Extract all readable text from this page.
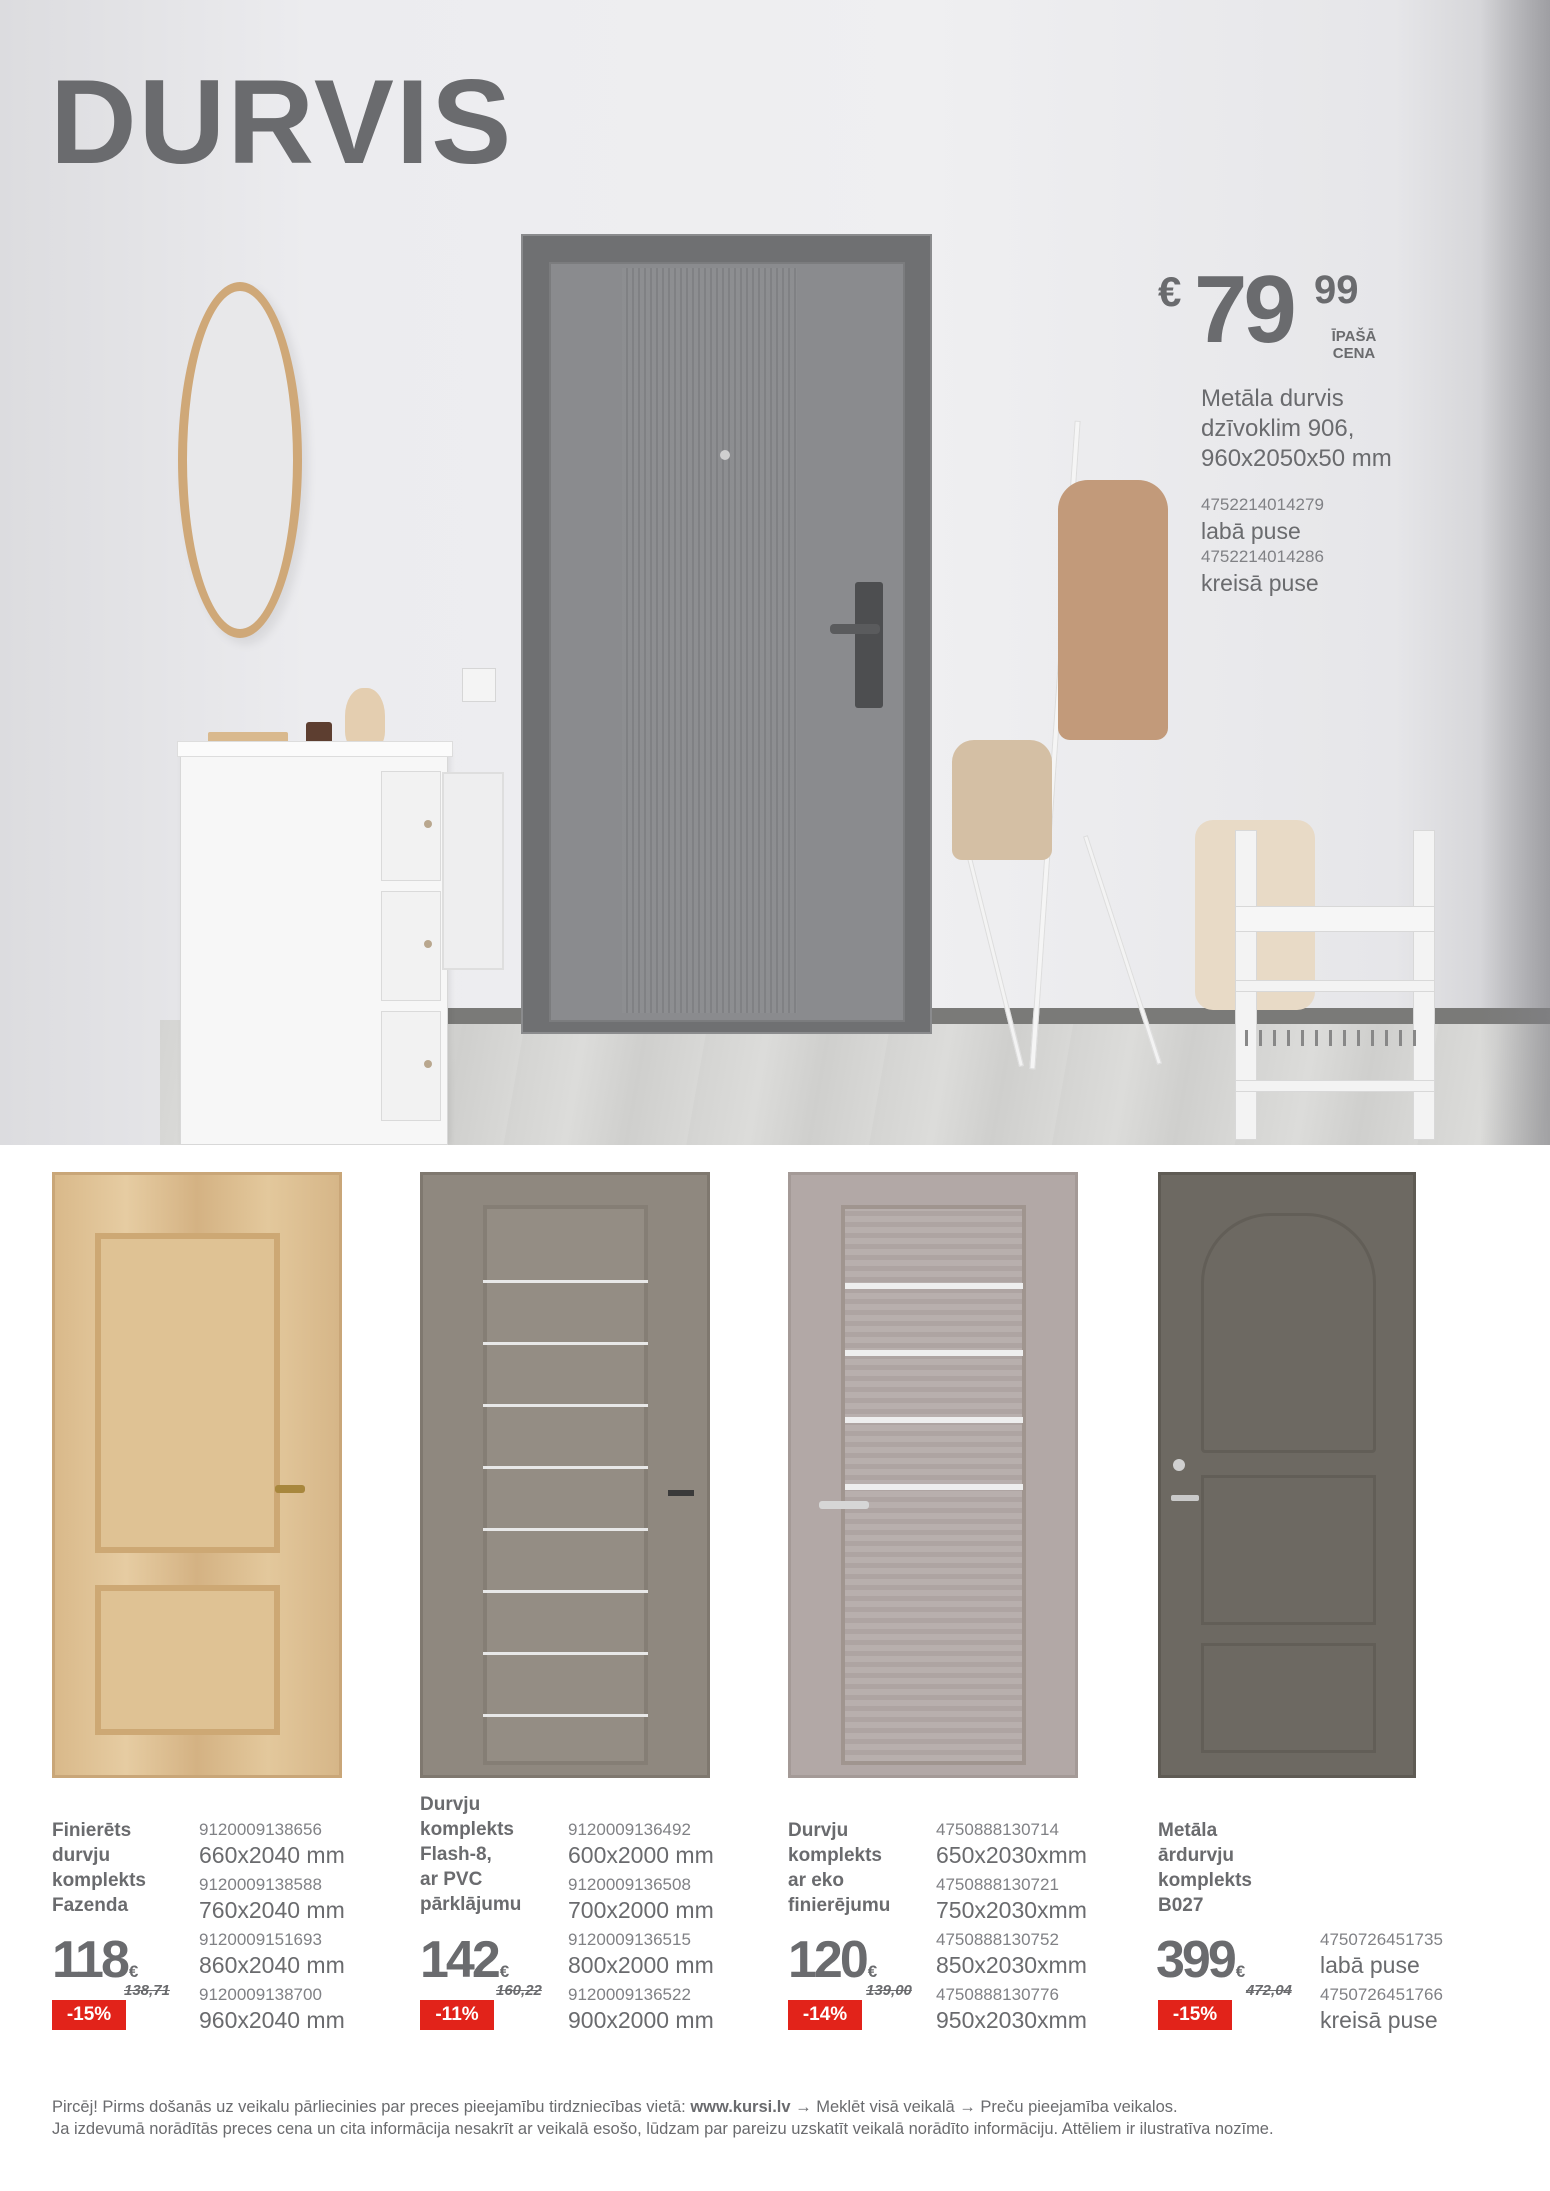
DURVIS
€ 79 99
ĪPAŠĀ
CENA
Metāla durvis
dzīvoklim 906,
960x2050x50 mm
4752214014279
labā puse
4752214014286
kreisā puse
Finierēts
durvju
komplekts
Fazenda
118 €
138,71
-15%
9120009138656
660x2040 mm
9120009138588
760x2040 mm
9120009151693
860x2040 mm
9120009138700
960x2040 mm
Durvju
komplekts
Flash-8,
ar PVC
pārklājumu
142 €
160,22
-11%
9120009136492
600x2000 mm
9120009136508
700x2000 mm
9120009136515
800x2000 mm
9120009136522
900x2000 mm
Durvju
komplekts
ar eko
finierējumu
120 €
139,00
-14%
4750888130714
650x2030xmm
4750888130721
750x2030xmm
4750888130752
850x2030xmm
4750888130776
950x2030xmm
Metāla
ārdurvju
komplekts
B027
399 €
472,04
-15%
4750726451735
labā puse
4750726451766
kreisā puse
Pircēj! Pirms došanās uz veikalu pārliecinies par preces pieejamību tirdzniecības vietā: www.kursi.lv → Meklēt visā veikalā → Preču pieejamība veikalos.
Ja izdevumā norādītās preces cena un cita informācija nesakrīt ar veikalā esošo, lūdzam par pareizu uzskatīt veikalā norādīto informāciju. Attēliem ir ilustratīva nozīme.
